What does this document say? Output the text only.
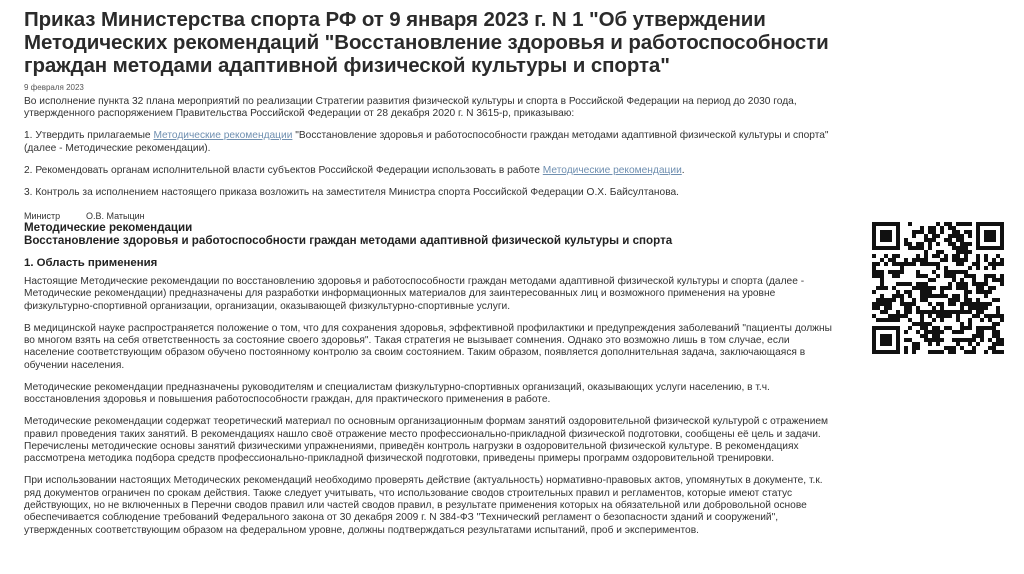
Приказ Министерства спорта РФ от 9 января 2023 г. N 1 "Об утверждении Методических рекомендаций "Восстановление здоровья и работоспособности граждан методами адаптивной физической культуры и спорта"
9 февраля 2023

Во исполнение пункта 32 плана мероприятий по реализации Стратегии развития физической культуры и спорта в Российской Федерации на период до 2030 года, утвержденного распоряжением Правительства Российской Федерации от 28 декабря 2020 г. N 3615-р, приказываю:

1. Утвердить прилагаемые Методические рекомендации "Восстановление здоровья и работоспособности граждан методами адаптивной физической культуры и спорта" (далее - Методические рекомендации).

2. Рекомендовать органам исполнительной власти субъектов Российской Федерации использовать в работе Методические рекомендации.

3. Контроль за исполнением настоящего приказа возложить на заместителя Министра спорта Российской Федерации О.Х. Байсултанова.

Министр	О.В. Матыцин
Методические рекомендации
Восстановление здоровья и работоспособности граждан методами адаптивной физической культуры и спорта
1. Область применения

Настоящие Методические рекомендации по восстановлению здоровья и работоспособности граждан методами адаптивной физической культуры и спорта (далее - Методические рекомендации) предназначены для разработки информационных материалов для заинтересованных лиц и возможного применения на уровне физкультурно-спортивной организации, организации, оказывающей физкультурно-спортивные услуги.

В медицинской науке распространяется положение о том, что для сохранения здоровья, эффективной профилактики и предупреждения заболеваний "пациенты должны во многом взять на себя ответственность за состояние своего здоровья". Такая стратегия не вызывает сомнения. Однако это возможно лишь в том случае, если население соответствующим образом обучено постоянному контролю за своим состоянием. Таким образом, появляется дополнительная задача, заключающаяся в обучении населения.

Методические рекомендации предназначены руководителям и специалистам физкультурно-спортивных организаций, оказывающих услуги населению, в т.ч. восстановления здоровья и повышения работоспособности граждан, для практического применения в работе.

Методические рекомендации содержат теоретический материал по основным организационным формам занятий оздоровительной физической культурой с отражением правил проведения таких занятий. В рекомендациях нашло своё отражение место профессионально-прикладной физической подготовки, сообщены её цель и задачи. Перечислены методические основы занятий физическими упражнениями, приведён контроль нагрузки в оздоровительной физической культуре. В рекомендациях рассмотрена методика подбора средств профессионально-прикладной физической подготовки, приведены примеры программ оздоровительной тренировки.

При использовании настоящих Методических рекомендаций необходимо проверять действие (актуальность) нормативно-правовых актов, упомянутых в документе, т.к. ряд документов ограничен по срокам действия. Также следует учитывать, что использование сводов строительных правил и регламентов, которые имеют статус действующих, но не включенных в Перечни сводов правил или частей сводов правил, в результате применения которых на обязательной или добровольной основе обеспечивается соблюдение требований Федерального закона от 30 декабря 2009 г. N 384-ФЗ "Технический регламент о безопасности зданий и сооружений", утвержденных соответствующим образом на федеральном уровне, должны подтверждаться результатами испытаний, проб и экспериментов.
